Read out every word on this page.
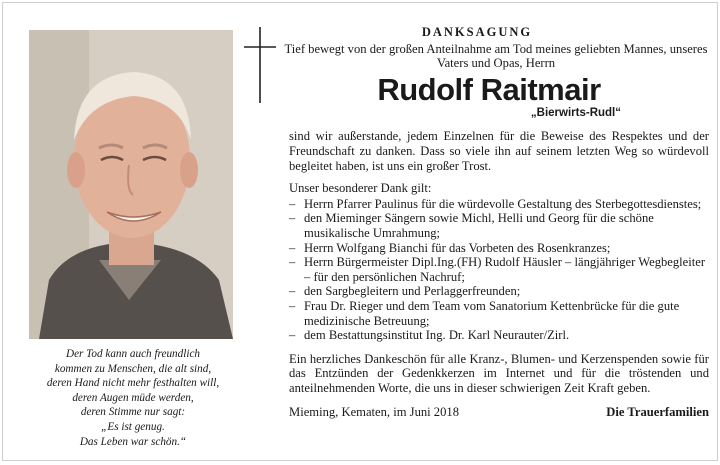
Der Tod kann auch freundlich
kommen zu Menschen, die alt sind,
deren Hand nicht mehr festhalten will,
deren Augen müde werden,
deren Stimme nur sagt:
„Es ist genug.
Das Leben war schön.“
DANKSAGUNG
Tief bewegt von der großen Anteilnahme am Tod meines geliebten Mannes, unseres Vaters und Opas, Herrn
Rudolf Raitmair
„Bierwirts-Rudl“
sind wir außerstande, jedem Einzelnen für die Beweise des Respektes und der Freundschaft zu danken. Dass so viele ihn auf seinem letzten Weg so würdevoll begleitet haben, ist uns ein großer Trost.
Unser besonderer Dank gilt:
– Herrn Pfarrer Paulinus für die würdevolle Gestaltung des Sterbegottesdienstes;
– den Mieminger Sängern sowie Michl, Helli und Georg für die schöne musikalische Umrahmung;
– Herrn Wolfgang Bianchi für das Vorbeten des Rosenkranzes;
– Herrn Bürgermeister Dipl.Ing.(FH) Rudolf Häusler – längjähriger Wegbegleiter – für den persönlichen Nachruf;
– den Sargbegleitern und Perlaggerfreunden;
– Frau Dr. Rieger und dem Team vom Sanatorium Kettenbrücke für die gute medizinische Betreuung;
– dem Bestattungsinstitut Ing. Dr. Karl Neurauter/Zirl.
Ein herzliches Dankeschön für alle Kranz-, Blumen- und Kerzenspenden sowie für das Entzünden der Gedenkkerzen im Internet und für die tröstenden und anteilnehmenden Worte, die uns in dieser schwierigen Zeit Kraft geben.
Mieming, Kematen, im Juni 2018	Die Trauerfamilien
